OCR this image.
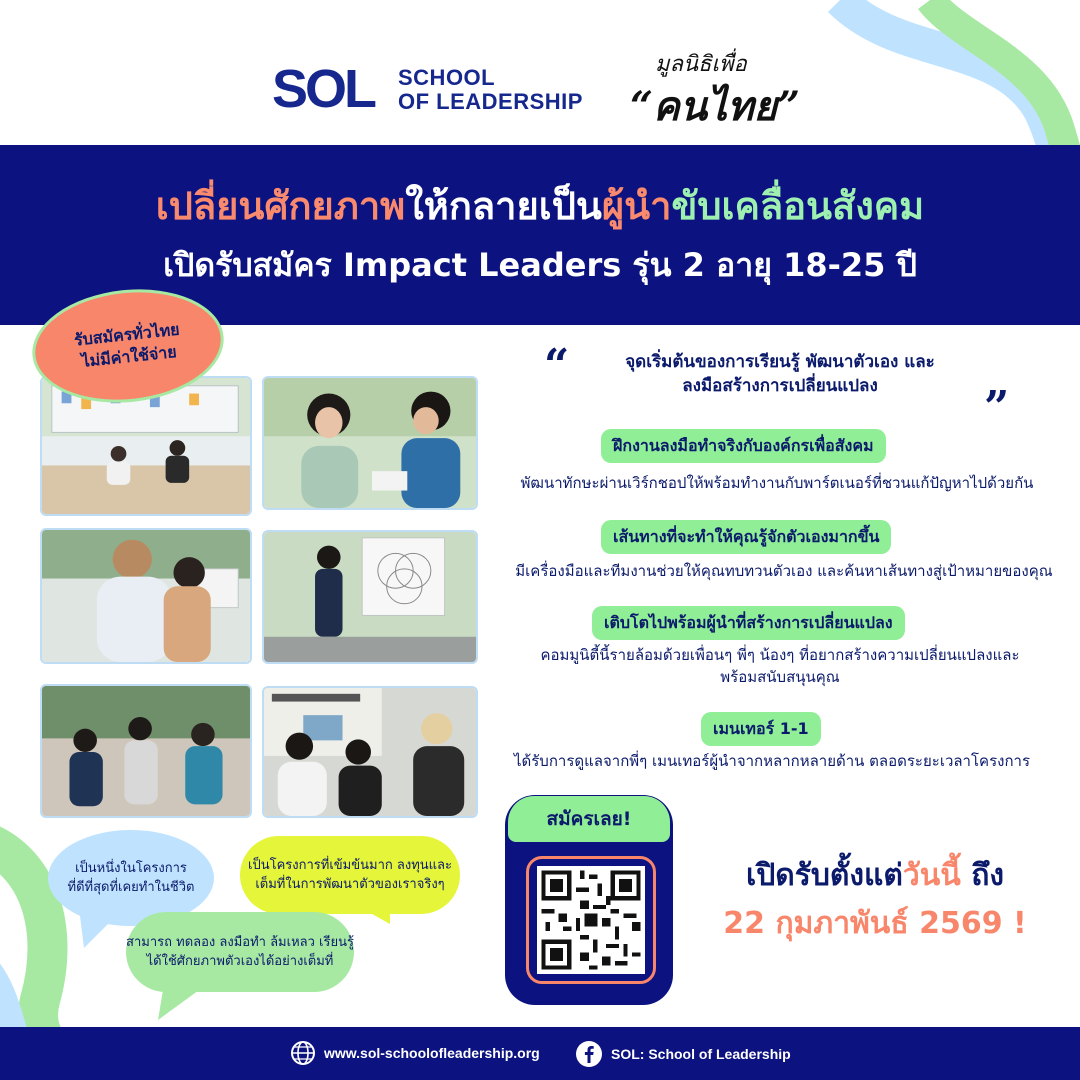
SOL SCHOOL
OF LEADERSHIP
มูลนิธิเพื่อ
“คนไทย”
เปลี่ยนศักยภาพให้กลายเป็นผู้นำขับเคลื่อนสังคม
เปิดรับสมัคร Impact Leaders รุ่น 2 อายุ 18-25 ปี
รับสมัครทั่วไทย
ไม่มีค่าใช้จ่าย	“	จุดเริ่มต้นของการเรียนรู้ พัฒนาตัวเอง และ
ลงมือสร้างการเปลี่ยนแปลง	”
ฝึกงานลงมือทำจริงกับองค์กรเพื่อสังคม
พัฒนาทักษะผ่านเวิร์กชอปให้พร้อมทำงานกับพาร์ตเนอร์ที่ชวนแก้ปัญหาไปด้วยกัน
เส้นทางที่จะทำให้คุณรู้จักตัวเองมากขึ้น
มีเครื่องมือและทีมงานช่วยให้คุณทบทวนตัวเอง และค้นหาเส้นทางสู่เป้าหมายของคุณ
เติบโตไปพร้อมผู้นำที่สร้างการเปลี่ยนแปลง
คอมมูนิตี้นี้รายล้อมด้วยเพื่อนๆ พี่ๆ น้องๆ ที่อยากสร้างความเปลี่ยนแปลงและ
พร้อมสนับสนุนคุณ
เมนเทอร์ 1-1
ได้รับการดูแลจากพี่ๆ เมนเทอร์ผู้นำจากหลากหลายด้าน ตลอดระยะเวลาโครงการ
สมัครเลย!
เปิดรับตั้งแต่วันนี้ ถึง
22 กุมภาพันธ์ 2569 !
เป็นหนึ่งในโครงการ
ที่ดีที่สุดที่เคยทำในชีวิต
เป็นโครงการที่เข้มข้นมาก ลงทุนและ
เต็มที่ในการพัฒนาตัวของเราจริงๆ
สามารถ ทดลอง ลงมือทำ ล้มเหลว เรียนรู้
ได้ใช้ศักยภาพตัวเองได้อย่างเต็มที่
www.sol-schoolofleadership.org	SOL: School of Leadership
